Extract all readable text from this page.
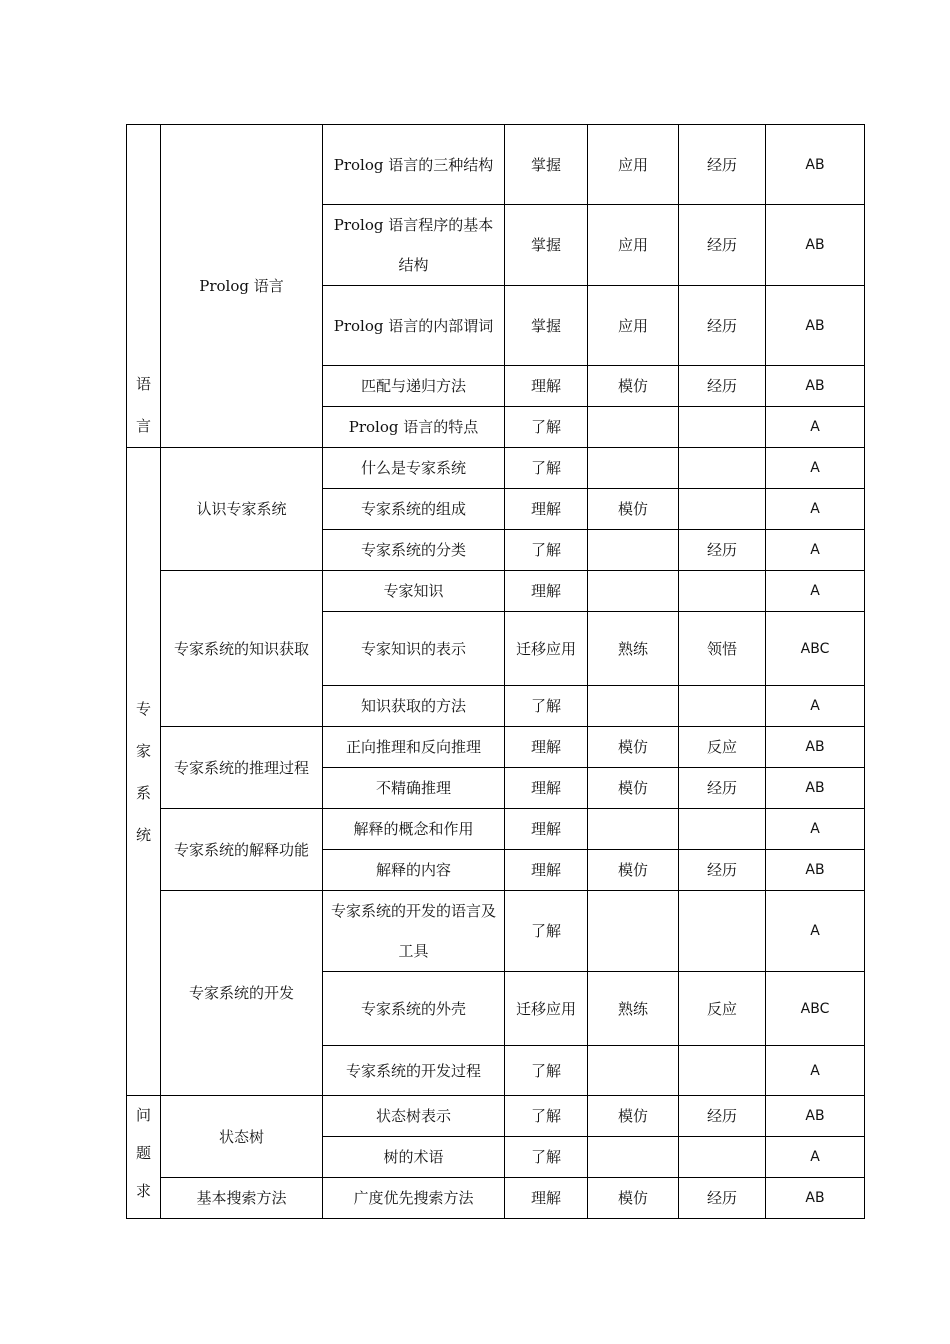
语言	Prolog 语言	Prolog 语言的三种结构	掌握	应用	经历	AB
		Prolog 语言程序的基本结构	掌握	应用	经历	AB
		Prolog 语言的内部谓词	掌握	应用	经历	AB
		匹配与递归方法	理解	模仿	经历	AB
		Prolog 语言的特点	了解			A
专家系统	认识专家系统	什么是专家系统	了解			A
		专家系统的组成	理解	模仿		A
		专家系统的分类	了解		经历	A
	专家系统的知识获取	专家知识	理解			A
		专家知识的表示	迁移应用	熟练	领悟	ABC
		知识获取的方法	了解			A
	专家系统的推理过程	正向推理和反向推理	理解	模仿	反应	AB
		不精确推理	理解	模仿	经历	AB
	专家系统的解释功能	解释的概念和作用	理解			A
		解释的内容	理解	模仿	经历	AB
	专家系统的开发	专家系统的开发的语言及工具	了解			A
		专家系统的外壳	迁移应用	熟练	反应	ABC
		专家系统的开发过程	了解			A
问题求	状态树	状态树表示	了解	模仿	经历	AB
		树的术语	了解			A
	基本搜索方法	广度优先搜索方法	理解	模仿	经历	AB
